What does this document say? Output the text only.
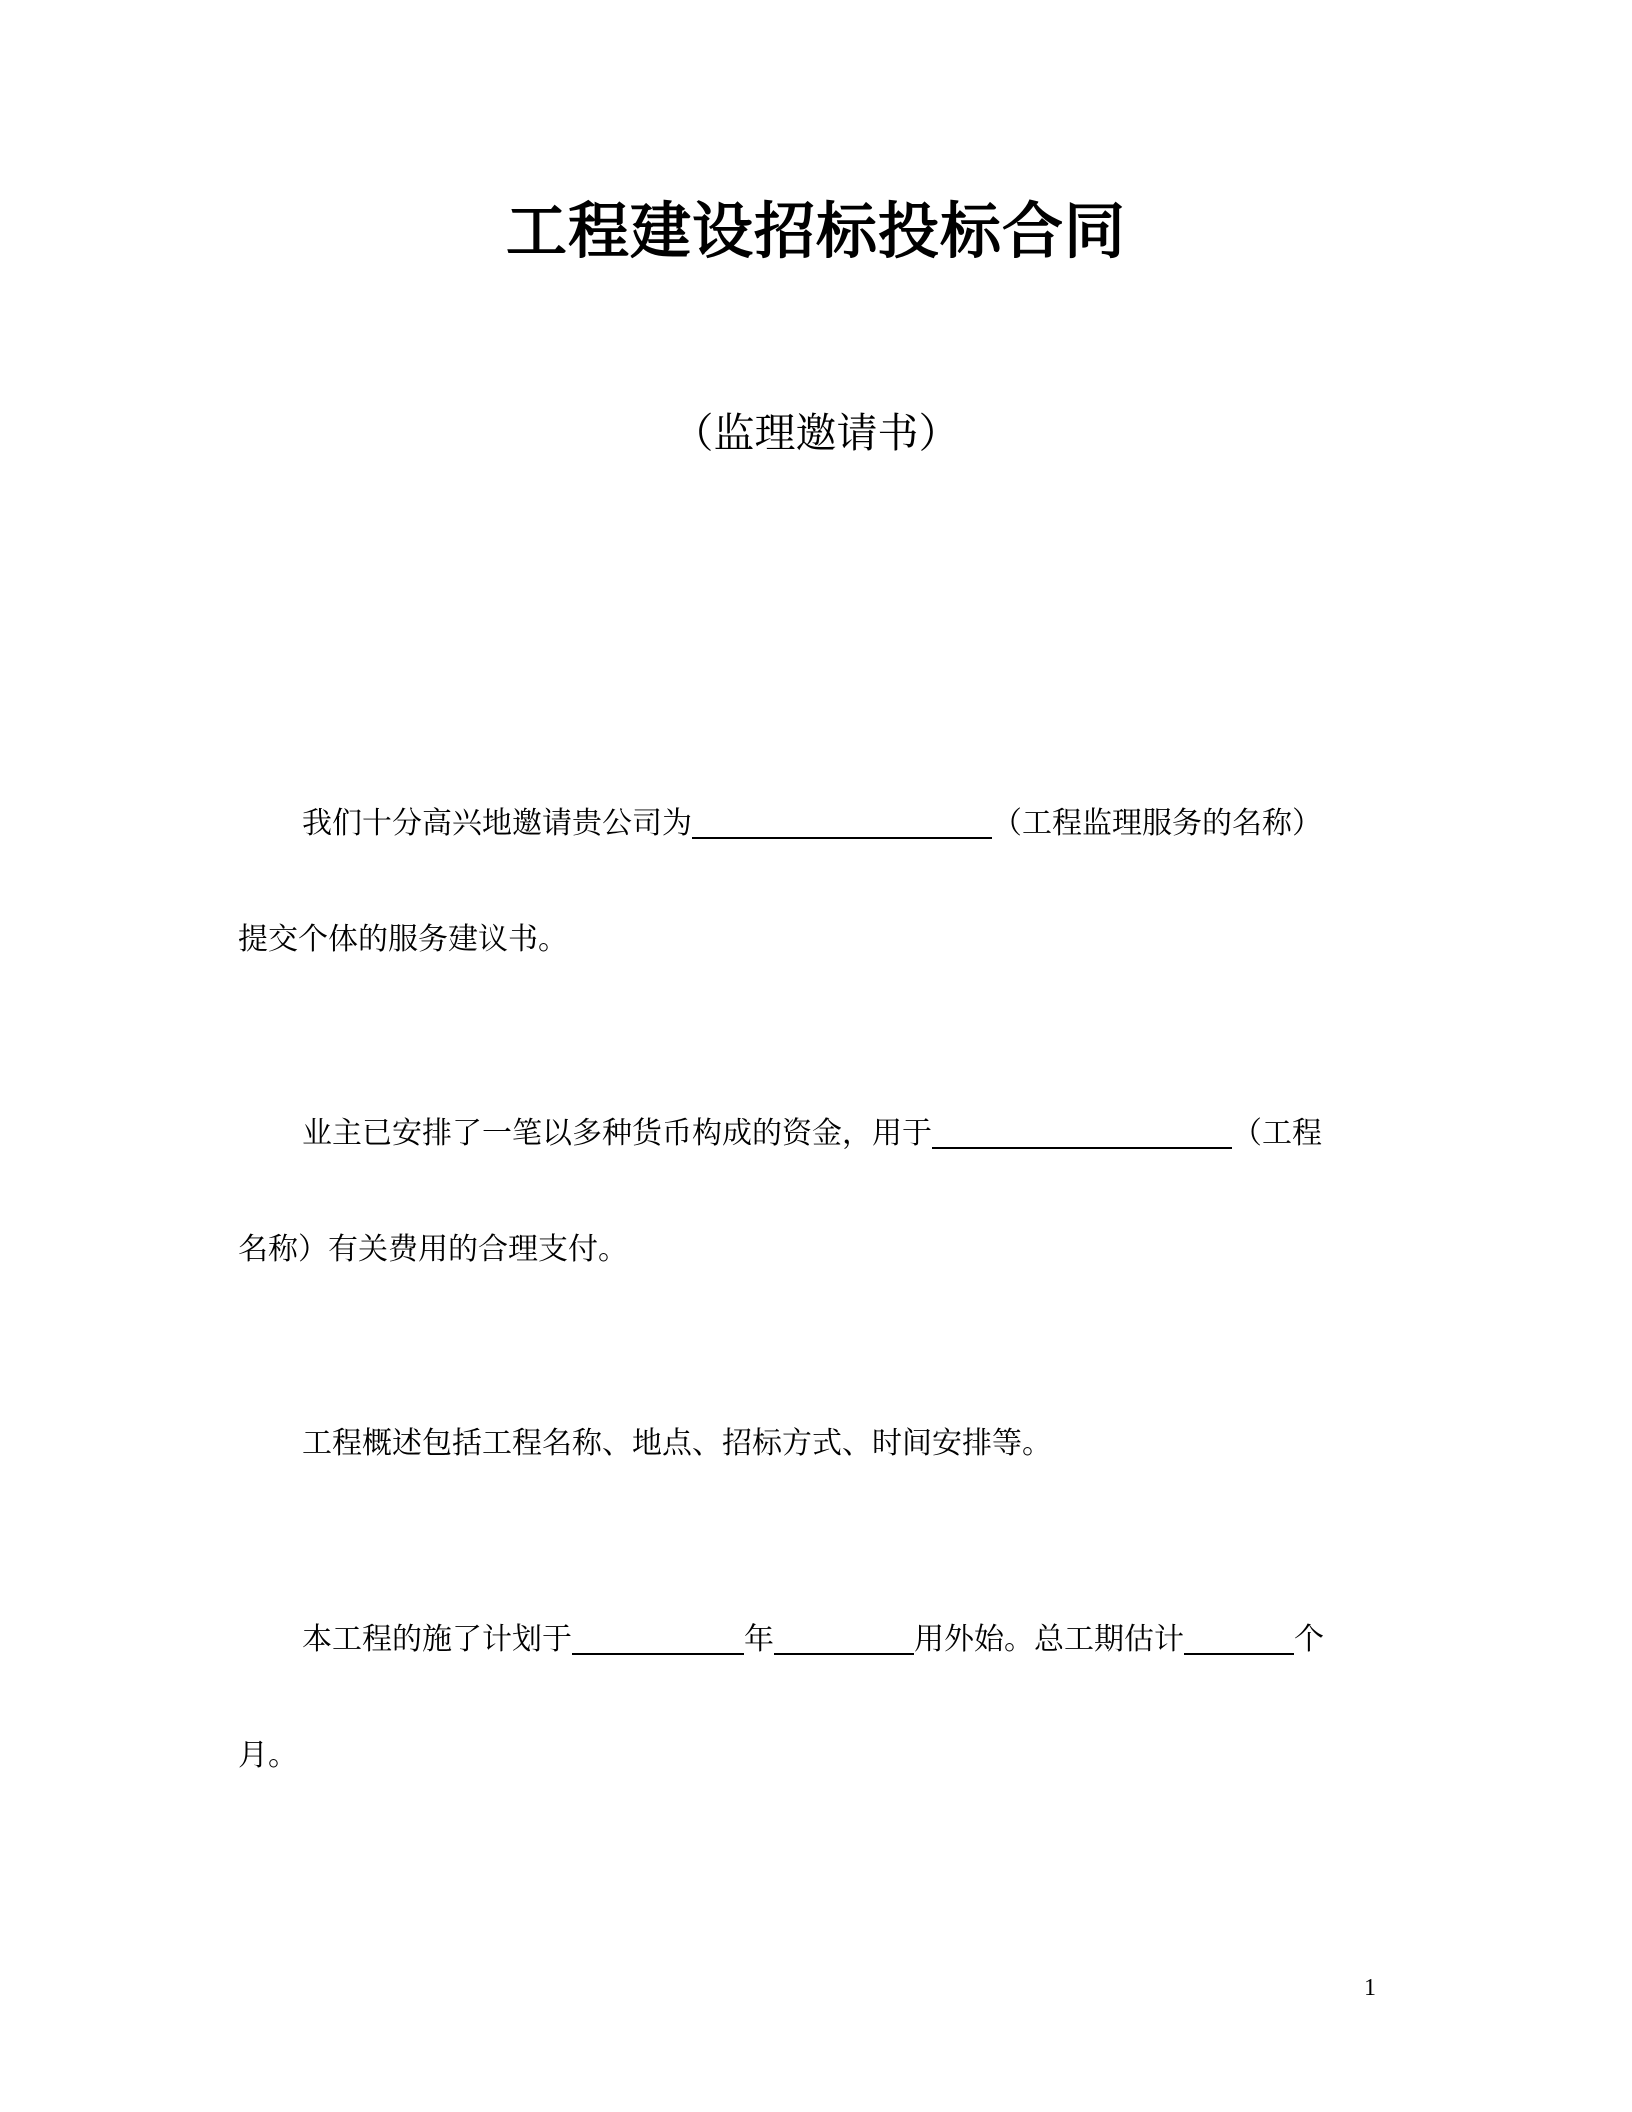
工程建设招标投标合同
（监理邀请书）
我们十分高兴地邀请贵公司为	（工程监理服务的名称）
提交个体的服务建议书。
业主已安排了一笔以多种货币构成的资金，用于	（工程
名称）有关费用的合理支付。
工程概述包括工程名称、地点、招标方式、时间安排等。
本工程的施了计划于	年	用外始。总工期估计	个
月。
1
